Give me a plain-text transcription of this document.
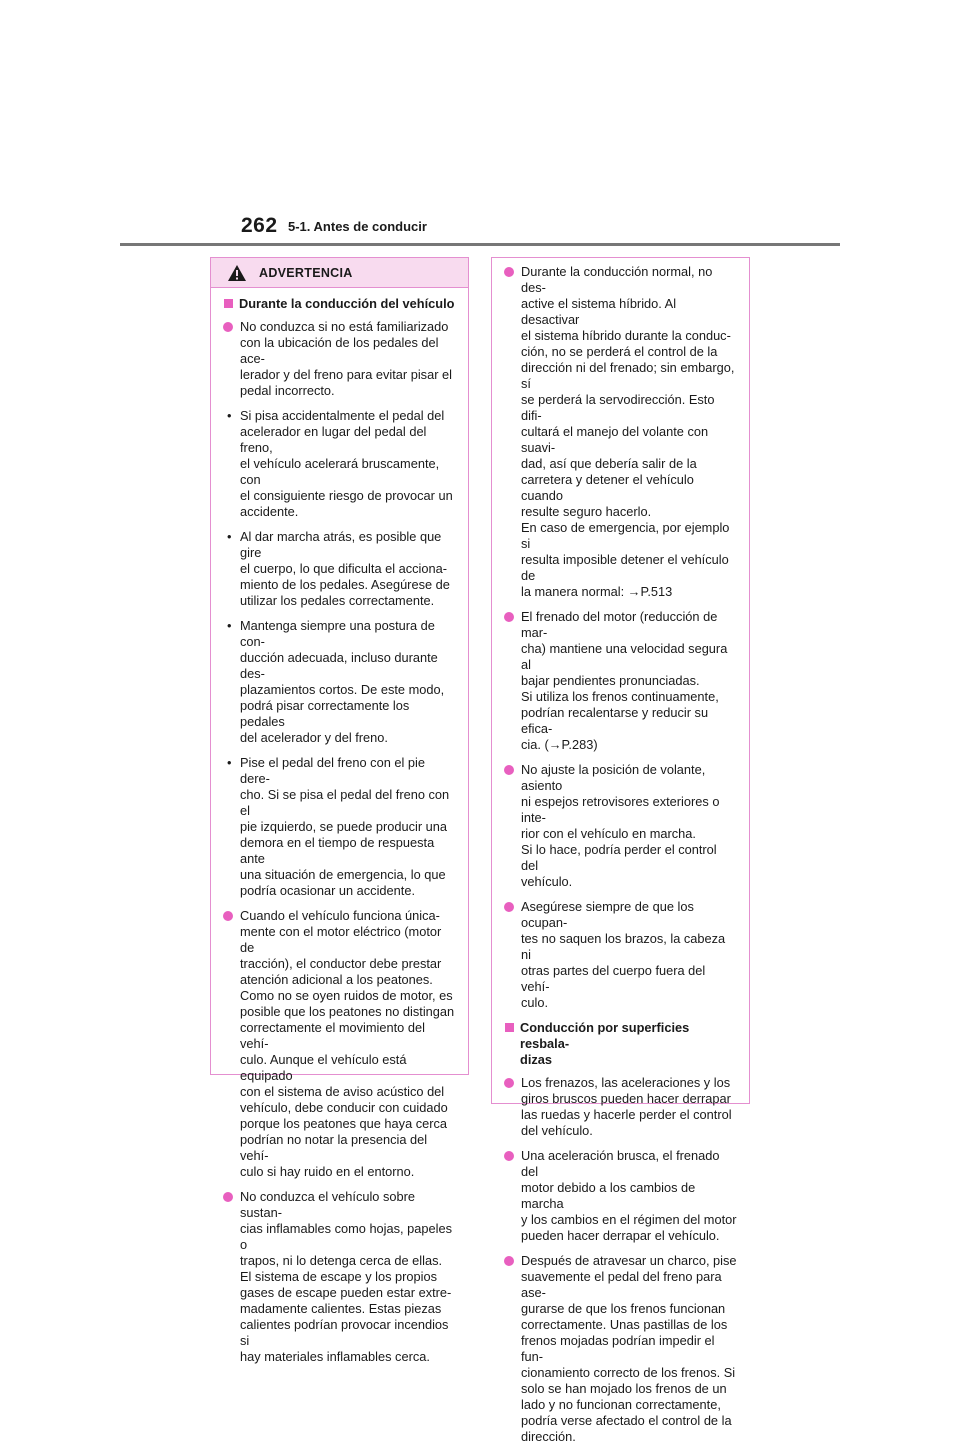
262 5-1. Antes de conducir
ADVERTENCIA
Durante la conducción del vehículo
No conduzca si no está familiarizado
con la ubicación de los pedales del ace-
lerador y del freno para evitar pisar el
pedal incorrecto.
• Si pisa accidentalmente el pedal del
acelerador en lugar del pedal del freno,
el vehículo acelerará bruscamente, con
el consiguiente riesgo de provocar un
accidente.
• Al dar marcha atrás, es posible que gire
el cuerpo, lo que dificulta el acciona-
miento de los pedales. Asegúrese de
utilizar los pedales correctamente.
• Mantenga siempre una postura de con-
ducción adecuada, incluso durante des-
plazamientos cortos. De este modo,
podrá pisar correctamente los pedales
del acelerador y del freno.
• Pise el pedal del freno con el pie dere-
cho. Si se pisa el pedal del freno con el
pie izquierdo, se puede producir una
demora en el tiempo de respuesta ante
una situación de emergencia, lo que
podría ocasionar un accidente.
Cuando el vehículo funciona única-
mente con el motor eléctrico (motor de
tracción), el conductor debe prestar
atención adicional a los peatones.
Como no se oyen ruidos de motor, es
posible que los peatones no distingan
correctamente el movimiento del vehí-
culo. Aunque el vehículo está equipado
con el sistema de aviso acústico del
vehículo, debe conducir con cuidado
porque los peatones que haya cerca
podrían no notar la presencia del vehí-
culo si hay ruido en el entorno.
No conduzca el vehículo sobre sustan-
cias inflamables como hojas, papeles o
trapos, ni lo detenga cerca de ellas.
El sistema de escape y los propios
gases de escape pueden estar extre-
madamente calientes. Estas piezas
calientes podrían provocar incendios si
hay materiales inflamables cerca.
Durante la conducción normal, no des-
active el sistema híbrido. Al desactivar
el sistema híbrido durante la conduc-
ción, no se perderá el control de la
dirección ni del frenado; sin embargo, sí
se perderá la servodirección. Esto difi-
cultará el manejo del volante con suavi-
dad, así que debería salir de la
carretera y detener el vehículo cuando
resulte seguro hacerlo.
En caso de emergencia, por ejemplo si
resulta imposible detener el vehículo de
la manera normal: →P.513
El frenado del motor (reducción de mar-
cha) mantiene una velocidad segura al
bajar pendientes pronunciadas.
Si utiliza los frenos continuamente,
podrían recalentarse y reducir su efica-
cia. (→P.283)
No ajuste la posición de volante, asiento
ni espejos retrovisores exteriores o inte-
rior con el vehículo en marcha.
Si lo hace, podría perder el control del
vehículo.
Asegúrese siempre de que los ocupan-
tes no saquen los brazos, la cabeza ni
otras partes del cuerpo fuera del vehí-
culo.
Conducción por superficies resbala-
dizas
Los frenazos, las aceleraciones y los
giros bruscos pueden hacer derrapar
las ruedas y hacerle perder el control
del vehículo.
Una aceleración brusca, el frenado del
motor debido a los cambios de marcha
y los cambios en el régimen del motor
pueden hacer derrapar el vehículo.
Después de atravesar un charco, pise
suavemente el pedal del freno para ase-
gurarse de que los frenos funcionan
correctamente. Unas pastillas de los
frenos mojadas podrían impedir el fun-
cionamiento correcto de los frenos. Si
solo se han mojado los frenos de un
lado y no funcionan correctamente,
podría verse afectado el control de la
dirección.
